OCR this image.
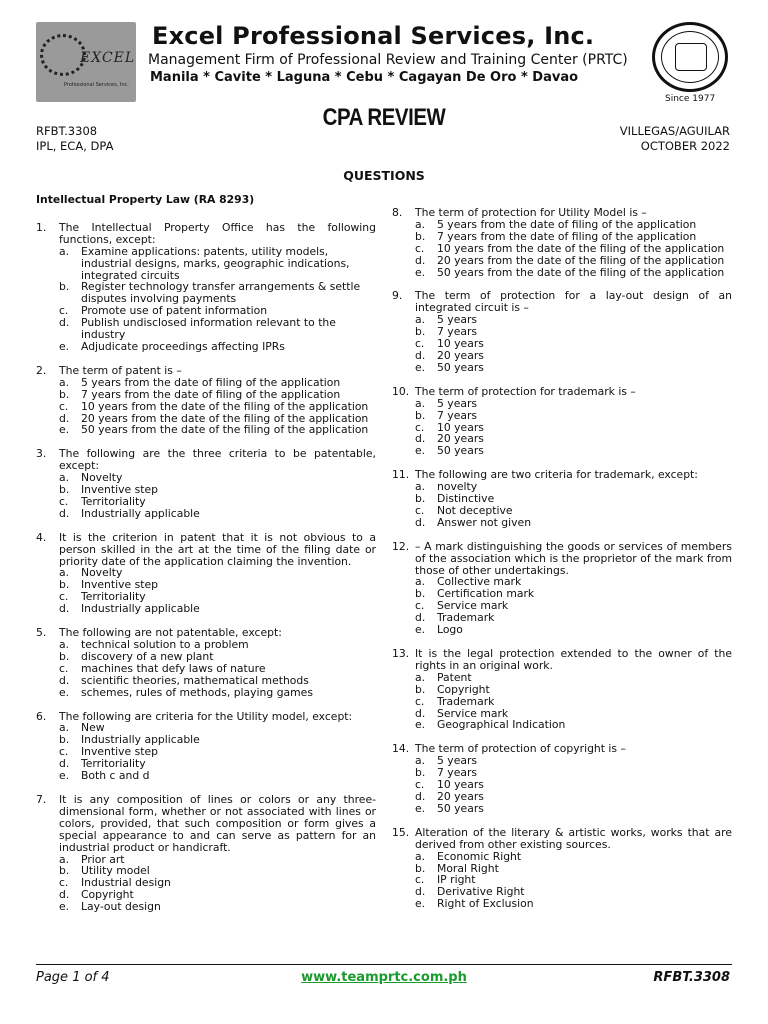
EXCEL
Professional Services, Inc.
Excel Professional Services, Inc.
Management Firm of Professional Review and Training Center (PRTC)
Manila * Cavite * Laguna * Cebu * Cagayan De Oro * Davao
Since 1977
RFBT.3308
IPL, ECA, DPA
CPA REVIEW	VILLEGAS/AGUILAR
OCTOBER 2022
QUESTIONS
Intellectual Property Law (RA 8293)
1. The Intellectual Property Office has the following functions, except:
a. Examine applications: patents, utility models, industrial designs, marks, geographic indications, integrated circuits
b. Register technology transfer arrangements & settle disputes involving payments
c. Promote use of patent information
d. Publish undisclosed information relevant to the industry
e. Adjudicate proceedings affecting IPRs
2. The term of patent is –
a. 5 years from the date of filing of the application
b. 7 years from the date of filing of the application
c. 10 years from the date of the filing of the application
d. 20 years from the date of the filing of the application
e. 50 years from the date of the filing of the application
3. The following are the three criteria to be patentable, except:
a. Novelty
b. Inventive step
c. Territoriality
d. Industrially applicable
4. It is the criterion in patent that it is not obvious to a person skilled in the art at the time of the filing date or priority date of the application claiming the invention.
a. Novelty
b. Inventive step
c. Territoriality
d. Industrially applicable
5. The following are not patentable, except:
a. technical solution to a problem
b. discovery of a new plant
c. machines that defy laws of nature
d. scientific theories, mathematical methods
e. schemes, rules of methods, playing games
6. The following are criteria for the Utility model, except:
a. New
b. Industrially applicable
c. Inventive step
d. Territoriality
e. Both c and d
7. It is any composition of lines or colors or any three-dimensional form, whether or not associated with lines or colors, provided, that such composition or form gives a special appearance to and can serve as pattern for an industrial product or handicraft.
a. Prior art
b. Utility model
c. Industrial design
d. Copyright
e. Lay-out design
8. The term of protection for Utility Model is –
a. 5 years from the date of filing of the application
b. 7 years from the date of filing of the application
c. 10 years from the date of the filing of the application
d. 20 years from the date of the filing of the application
e. 50 years from the date of the filing of the application
9. The term of protection for a lay-out design of an integrated circuit is –
a. 5 years
b. 7 years
c. 10 years
d. 20 years
e. 50 years
10. The term of protection for trademark is –
a. 5 years
b. 7 years
c. 10 years
d. 20 years
e. 50 years
11. The following are two criteria for trademark, except:
a. novelty
b. Distinctive
c. Not deceptive
d. Answer not given
12. – A mark distinguishing the goods or services of members of the association which is the proprietor of the mark from those of other undertakings.
a. Collective mark
b. Certification mark
c. Service mark
d. Trademark
e. Logo
13. It is the legal protection extended to the owner of the rights in an original work.
a. Patent
b. Copyright
c. Trademark
d. Service mark
e. Geographical Indication
14. The term of protection of copyright is –
a. 5 years
b. 7 years
c. 10 years
d. 20 years
e. 50 years
15. Alteration of the literary & artistic works, works that are derived from other existing sources.
a. Economic Right
b. Moral Right
c. IP right
d. Derivative Right
e. Right of Exclusion
Page 1 of 4	www.teamprtc.com.ph	RFBT.3308
